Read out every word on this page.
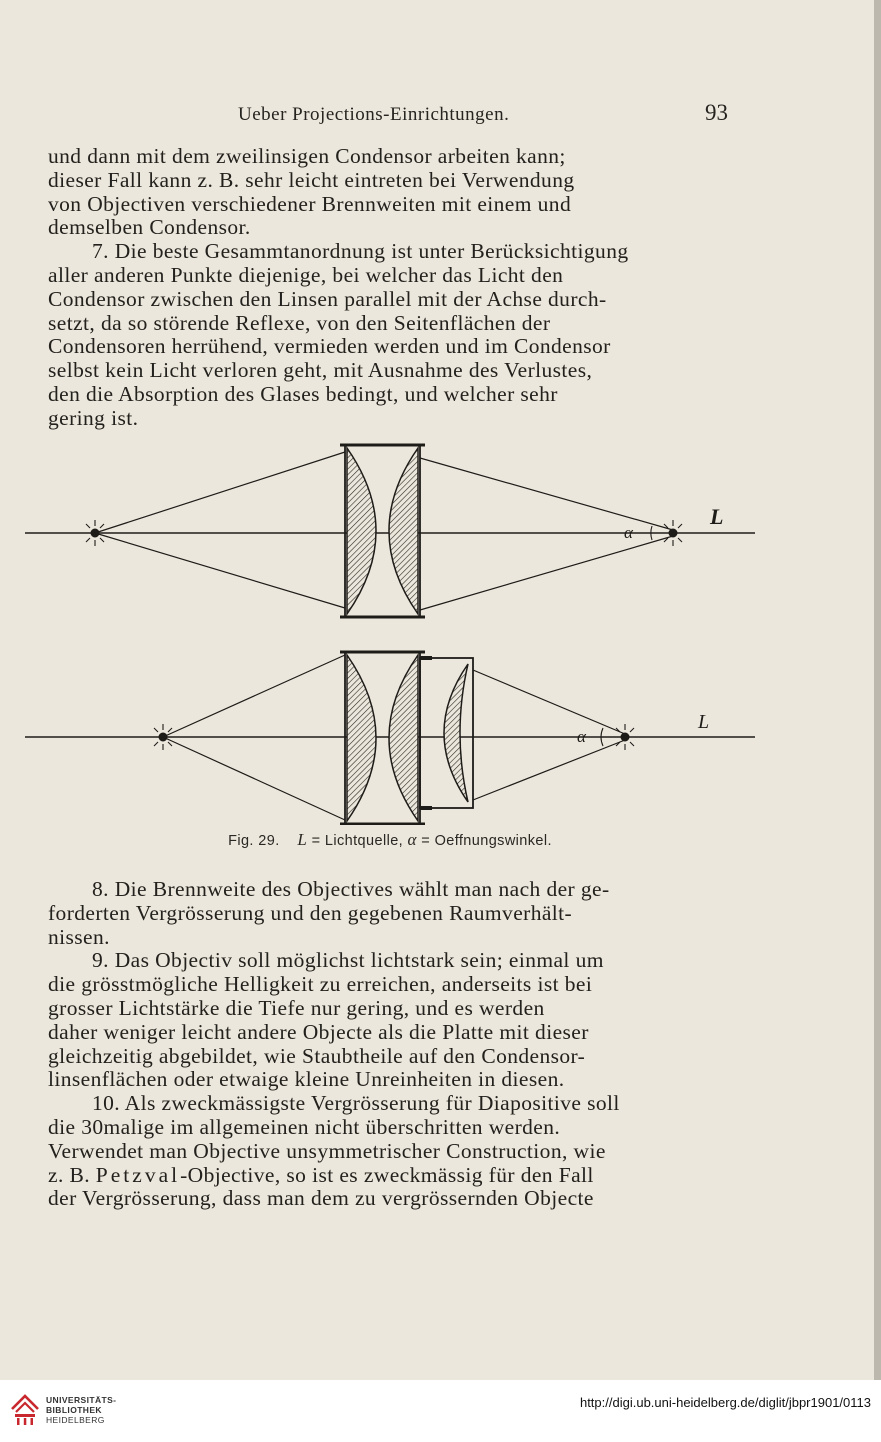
Ueber Projections-Einrichtungen.	93
und dann mit dem zweilinsigen Condensor arbeiten kann;
dieser Fall kann z. B. sehr leicht eintreten bei Verwendung
von Objectiven verschiedener Brennweiten mit einem und
demselben Condensor.
7. Die beste Gesammtanordnung ist unter Berücksichtigung
aller anderen Punkte diejenige, bei welcher das Licht den
Condensor zwischen den Linsen parallel mit der Achse durch-
setzt, da so störende Reflexe, von den Seitenflächen der
Condensoren herrühend, vermieden werden und im Condensor
selbst kein Licht verloren geht, mit Ausnahme des Verlustes,
den die Absorption des Glases bedingt, und welcher sehr
gering ist.
α
L
α
L
Fig. 29. L = Lichtquelle, α = Oeffnungswinkel.
8. Die Brennweite des Objectives wählt man nach der ge-
forderten Vergrösserung und den gegebenen Raumverhält-
nissen.
9. Das Objectiv soll möglichst lichtstark sein; einmal um
die grösstmögliche Helligkeit zu erreichen, anderseits ist bei
grosser Lichtstärke die Tiefe nur gering, und es werden
daher weniger leicht andere Objecte als die Platte mit dieser
gleichzeitig abgebildet, wie Staubtheile auf den Condensor-
linsenflächen oder etwaige kleine Unreinheiten in diesen.
10. Als zweckmässigste Vergrösserung für Diapositive soll
die 30malige im allgemeinen nicht überschritten werden.
Verwendet man Objective unsymmetrischer Construction, wie
z. B. Petzval-Objective, so ist es zweckmässig für den Fall
der Vergrösserung, dass man dem zu vergrössernden Objecte
UNIVERSITÄTS-
BIBLIOTHEK
HEIDELBERG
http://digi.ub.uni-heidelberg.de/diglit/jbpr1901/0113
